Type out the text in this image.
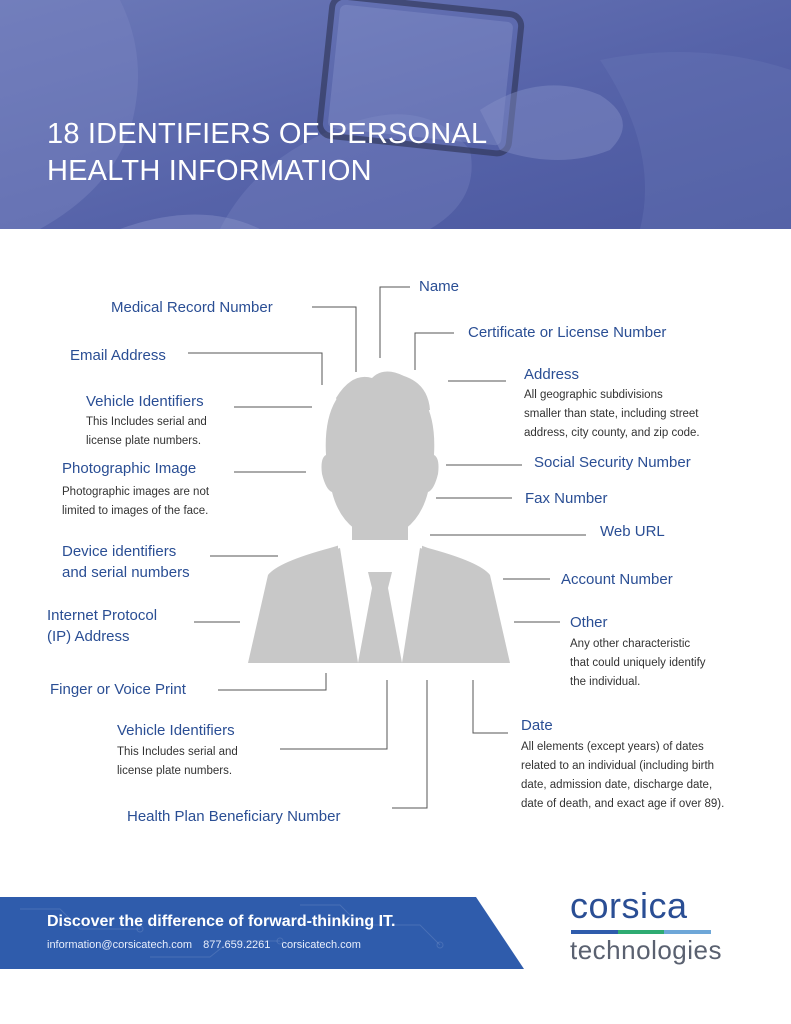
18 IDENTIFIERS OF PERSONAL
HEALTH INFORMATION
Name
Medical Record Number
Certificate or License Number
Email Address
Address
All geographic subdivisions
smaller than state, including street
address, city county, and zip code.
Vehicle Identifiers
This Includes serial and
license plate numbers.
Social Security Number
Photographic Image
Photographic images are not
limited to images of the face.
Fax Number
Web URL
Device identifiers
and serial numbers	Account Number
Internet Protocol
(IP) Address
Other
Any other characteristic
that could uniquely identify
the individual.
Finger or Voice Print
Date
All elements (except years) of dates
related to an individual (including birth
date, admission date, discharge date,
date of death, and exact age if over 89).
Vehicle Identifiers
This Includes serial and
license plate numbers.
Health Plan Beneficiary Number
Discover the difference of forward-thinking IT.
information@corsicatech.com 877.659.2261 corsicatech.com
corsica
technologies
